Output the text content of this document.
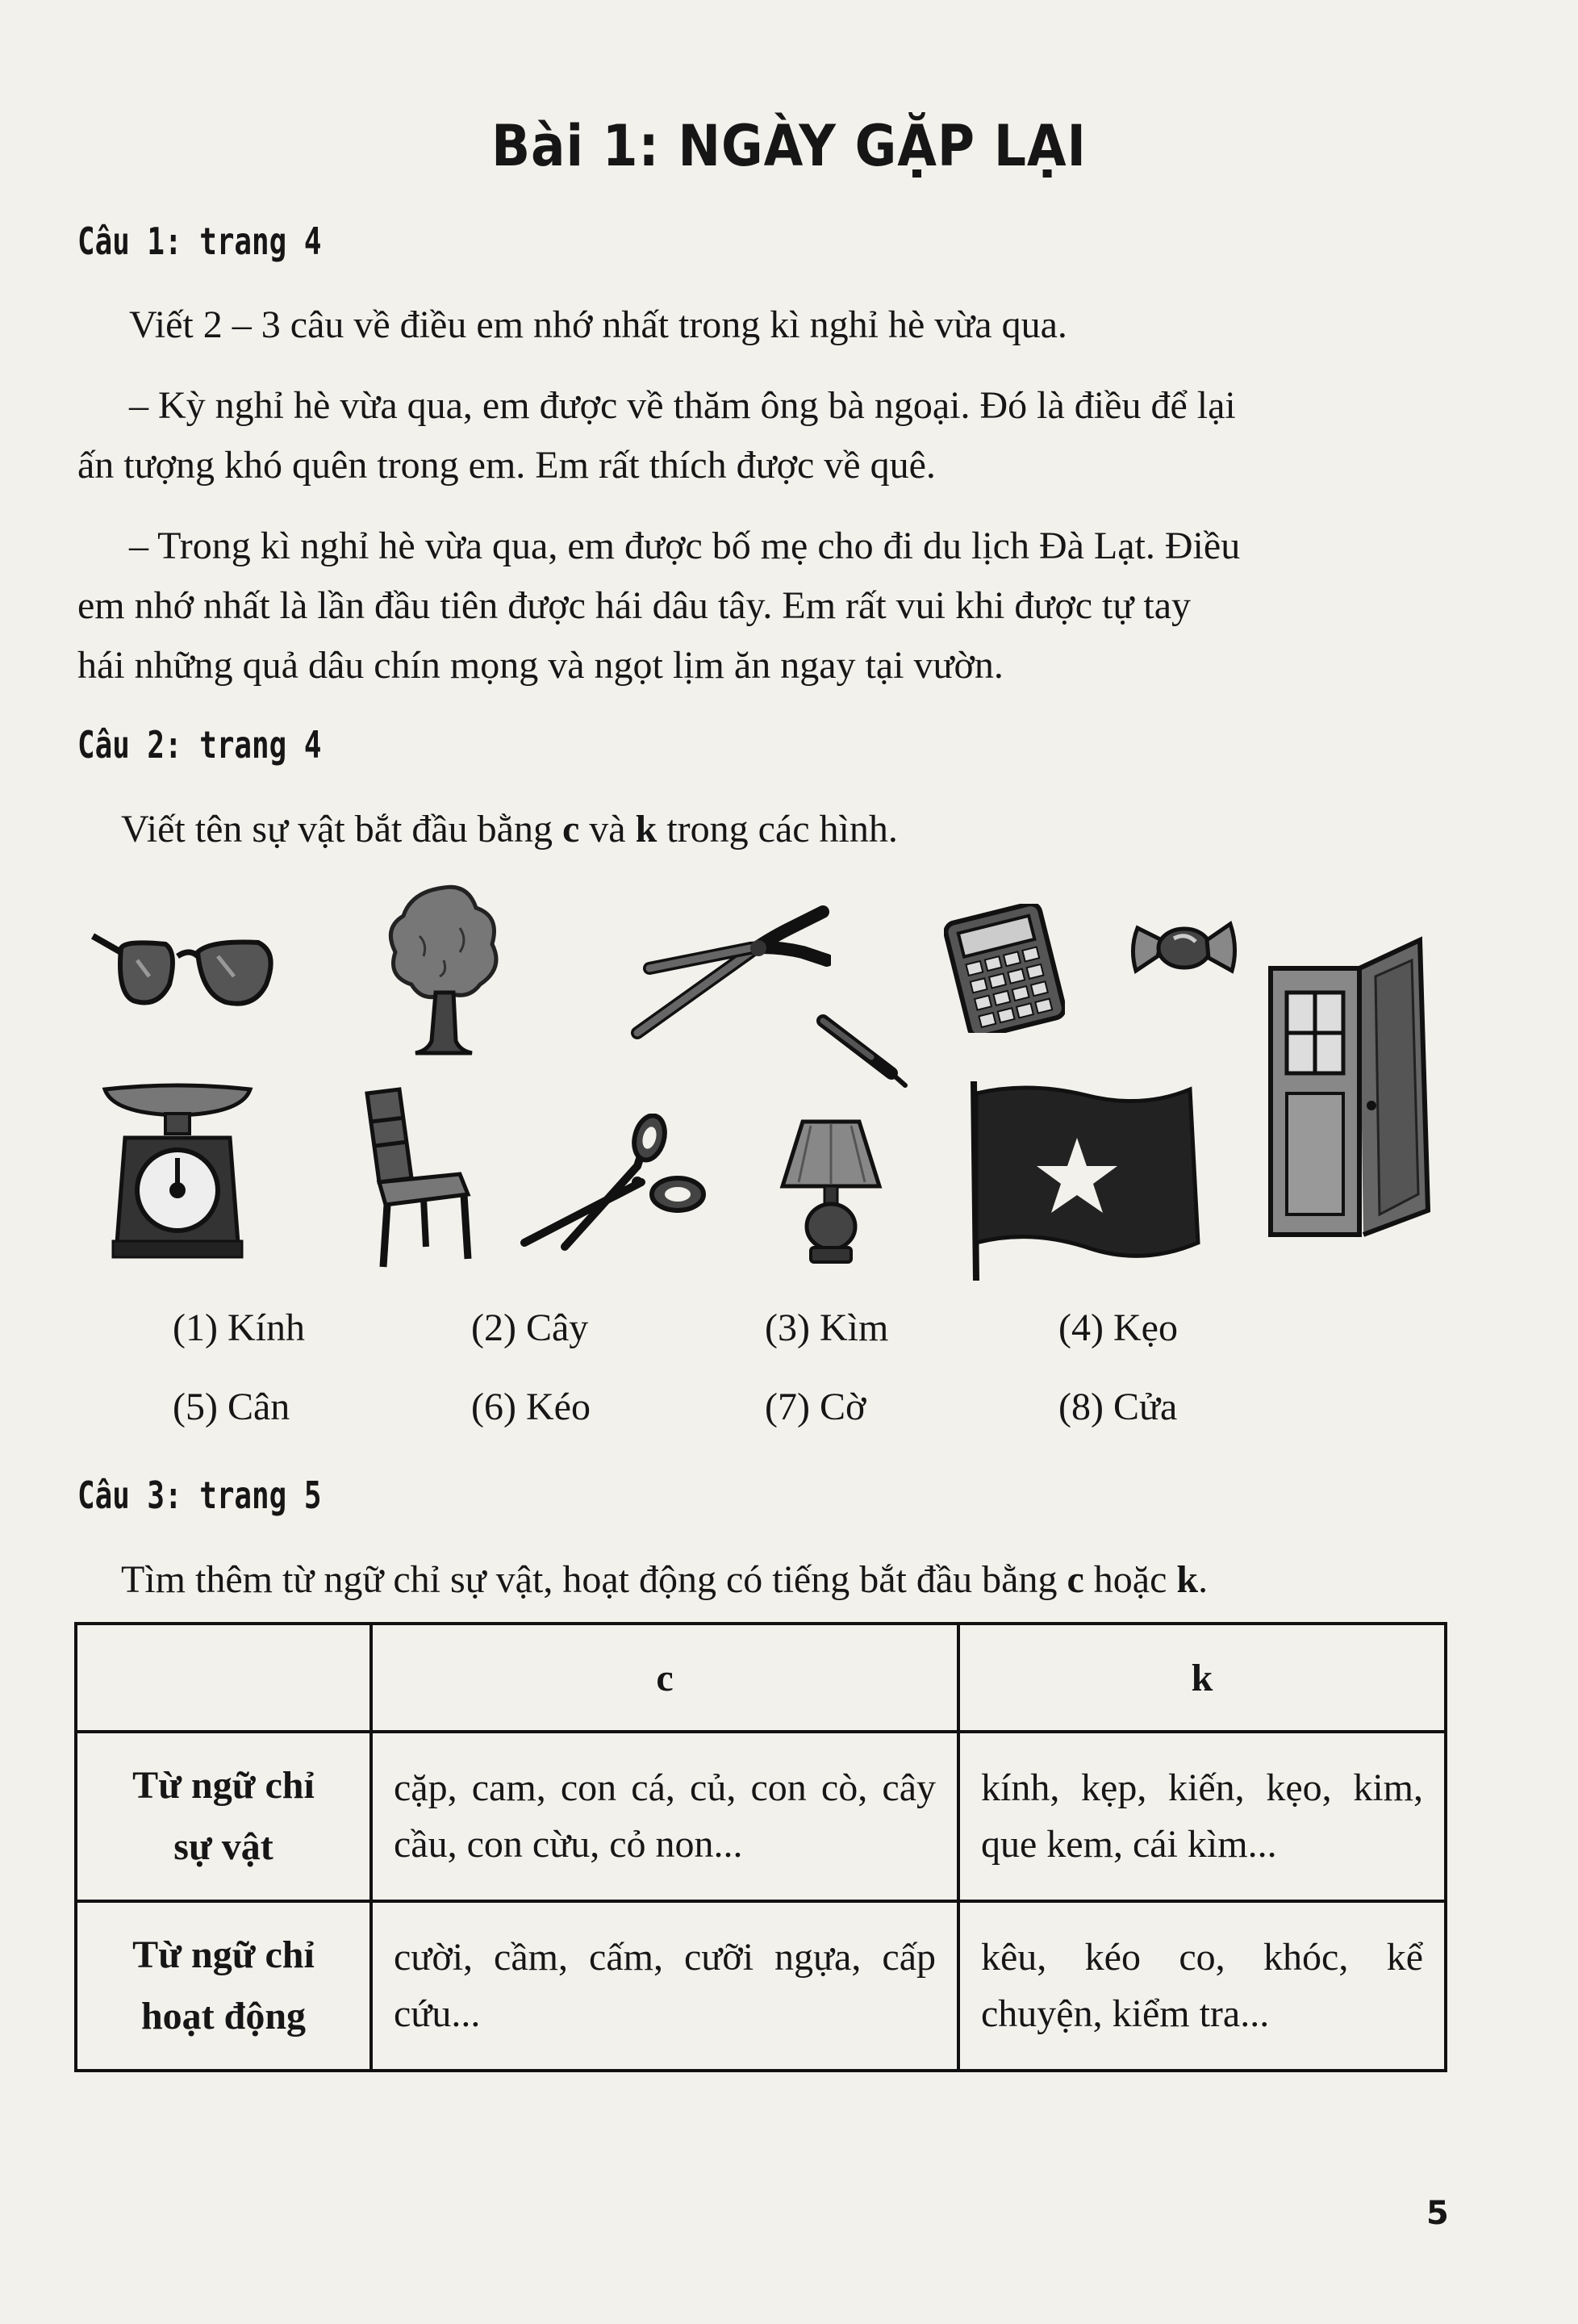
Bài 1: NGÀY GẶP LẠI
Câu 1: trang 4
Viết 2 – 3 câu về điều em nhớ nhất trong kì nghỉ hè vừa qua.
– Kỳ nghỉ hè vừa qua, em được về thăm ông bà ngoại. Đó là điều để lại
ấn tượng khó quên trong em. Em rất thích được về quê.
– Trong kì nghỉ hè vừa qua, em được bố mẹ cho đi du lịch Đà Lạt. Điều
em nhớ nhất là lần đầu tiên được hái dâu tây. Em rất vui khi được tự tay
hái những quả dâu chín mọng và ngọt lịm ăn ngay tại vườn.
Câu 2: trang 4
Viết tên sự vật bắt đầu bằng c và k trong các hình.
(1) Kính	(2) Cây	(3) Kìm	(4) Kẹo
(5) Cân	(6) Kéo	(7) Cờ	(8) Cửa
Câu 3: trang 5
Tìm thêm từ ngữ chỉ sự vật, hoạt động có tiếng bắt đầu bằng c hoặc k.
	c	k
Từ ngữ chỉ
sự vật	cặp, cam, con cá, củ, con cò, cây cầu, con cừu, cỏ non...	kính, kẹp, kiến, kẹo, kim, que kem, cái kìm...
Từ ngữ chỉ
hoạt động	cười, cầm, cấm, cưỡi ngựa, cấp cứu...	kêu, kéo co, khóc, kể chuyện, kiểm tra...
5
